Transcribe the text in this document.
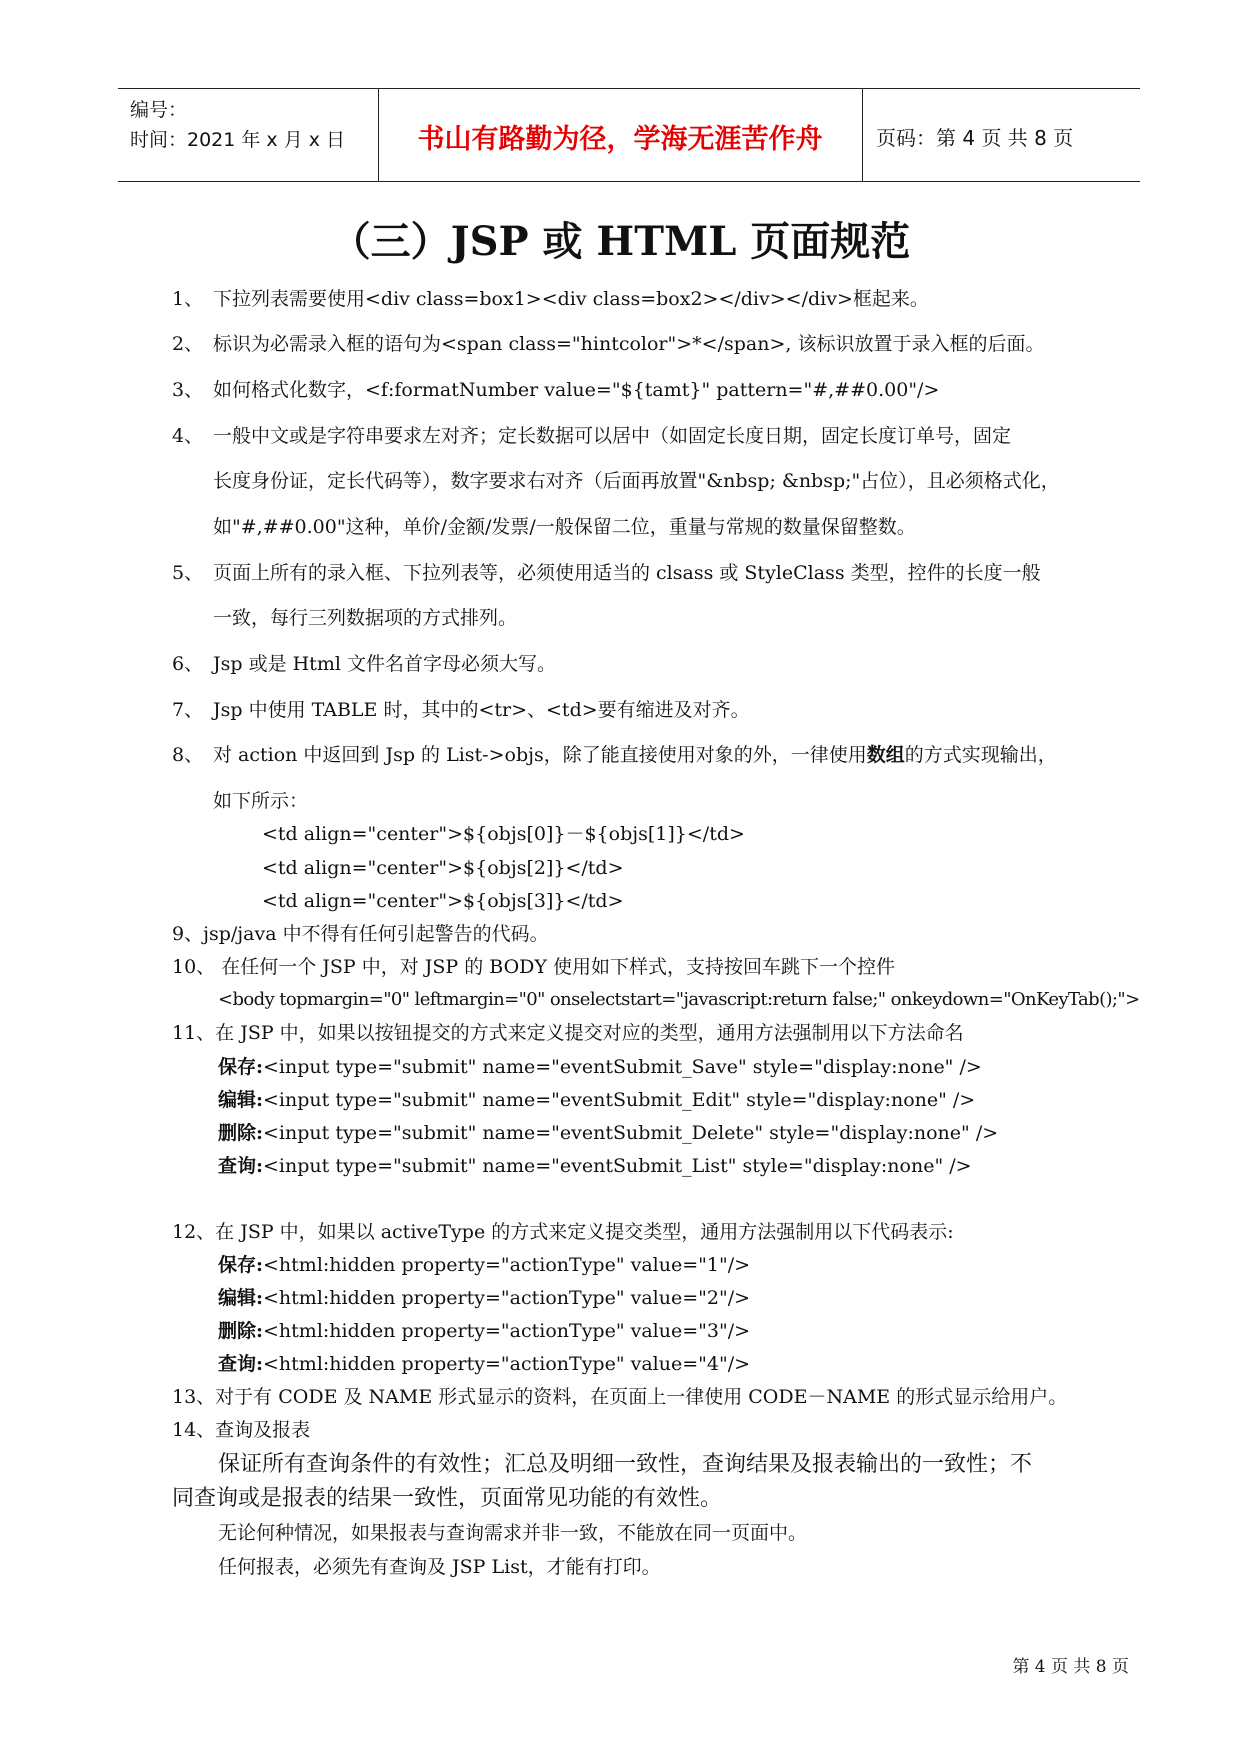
编号：
时间：2021 年 x 月 x 日	书山有路勤为径，学海无涯苦作舟	页码：第 4 页 共 8 页
（三）JSP 或 HTML 页面规范
1、 下拉列表需要使用<div class=box1><div class=box2></div></div>框起来。
2、 标识为必需录入框的语句为<span class="hintcolor">*</span>, 该标识放置于录入框的后面。
3、 如何格式化数字，<f:formatNumber value="${tamt}" pattern="#,##0.00"/>
4、 一般中文或是字符串要求左对齐；定长数据可以居中（如固定长度日期，固定长度订单号，固定
长度身份证，定长代码等），数字要求右对齐（后面再放置"&nbsp; &nbsp;"占位），且必须格式化，
如"#,##0.00"这种，单价/金额/发票/一般保留二位，重量与常规的数量保留整数。
5、 页面上所有的录入框、下拉列表等，必须使用适当的 clsass 或 StyleClass 类型，控件的长度一般
一致，每行三列数据项的方式排列。
6、 Jsp 或是 Html 文件名首字母必须大写。
7、 Jsp 中使用 TABLE 时，其中的<tr>、<td>要有缩进及对齐。
8、 对 action 中返回到 Jsp 的 List->objs，除了能直接使用对象的外，一律使用数组的方式实现输出，
如下所示：
<td align="center">${objs[0]}－${objs[1]}</td>
<td align="center">${objs[2]}</td>
<td align="center">${objs[3]}</td>
9、jsp/java 中不得有任何引起警告的代码。
10、 在任何一个 JSP 中，对 JSP 的 BODY 使用如下样式，支持按回车跳下一个控件
<body topmargin="0" leftmargin="0" onselectstart="javascript:return false;" onkeydown="OnKeyTab();">
11、在 JSP 中，如果以按钮提交的方式来定义提交对应的类型，通用方法强制用以下方法命名
保存:<input type="submit" name="eventSubmit_Save" style="display:none" />
编辑:<input type="submit" name="eventSubmit_Edit" style="display:none" />
删除:<input type="submit" name="eventSubmit_Delete" style="display:none" />
查询:<input type="submit" name="eventSubmit_List" style="display:none" />
12、在 JSP 中，如果以 activeType 的方式来定义提交类型，通用方法强制用以下代码表示:
保存:<html:hidden property="actionType" value="1"/>
编辑:<html:hidden property="actionType" value="2"/>
删除:<html:hidden property="actionType" value="3"/>
查询:<html:hidden property="actionType" value="4"/>
13、对于有 CODE 及 NAME 形式显示的资料，在页面上一律使用 CODE－NAME 的形式显示给用户。
14、查询及报表
保证所有查询条件的有效性；汇总及明细一致性，查询结果及报表输出的一致性；不
同查询或是报表的结果一致性，页面常见功能的有效性。
无论何种情况，如果报表与查询需求并非一致，不能放在同一页面中。
任何报表，必须先有查询及 JSP List，才能有打印。
第 4 页 共 8 页
